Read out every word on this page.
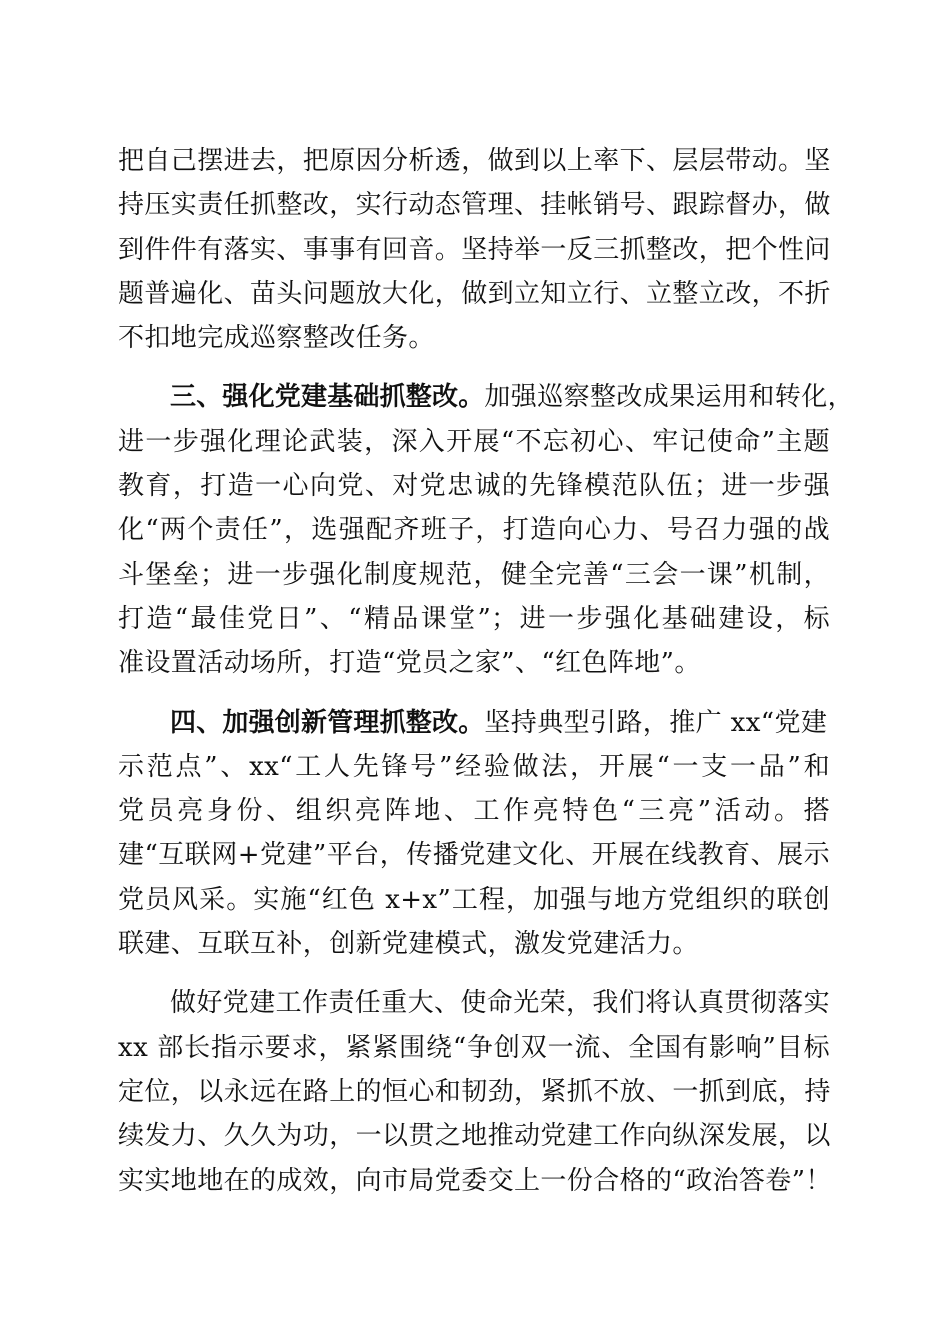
把自己摆进去，把原因分析透，做到以上率下、层层带动。坚
持压实责任抓整改，实行动态管理、挂帐销号、跟踪督办，做
到件件有落实、事事有回音。坚持举一反三抓整改，把个性问
题普遍化、苗头问题放大化，做到立知立行、立整立改，不折
不扣地完成巡察整改任务。
三、强化党建基础抓整改。加强巡察整改成果运用和转化，
进一步强化理论武装，深入开展“不忘初心、牢记使命”主题
教育，打造一心向党、对党忠诚的先锋模范队伍；进一步强
化“两个责任”，选强配齐班子，打造向心力、号召力强的战
斗堡垒；进一步强化制度规范，健全完善“三会一课”机制，
打造“最佳党日”、“精品课堂”；进一步强化基础建设，标
准设置活动场所，打造“党员之家”、“红色阵地”。
四、加强创新管理抓整改。坚持典型引路，推广 xx“党建
示范点”、xx“工人先锋号”经验做法，开展“一支一品”和
党员亮身份、组织亮阵地、工作亮特色“三亮”活动。搭
建“互联网+党建”平台，传播党建文化、开展在线教育、展示
党员风采。实施“红色 x+x”工程，加强与地方党组织的联创
联建、互联互补，创新党建模式，激发党建活力。
做好党建工作责任重大、使命光荣，我们将认真贯彻落实
xx 部长指示要求，紧紧围绕“争创双一流、全国有影响”目标
定位，以永远在路上的恒心和韧劲，紧抓不放、一抓到底，持
续发力、久久为功，一以贯之地推动党建工作向纵深发展，以
实实地地在的成效，向市局党委交上一份合格的“政治答卷”！
